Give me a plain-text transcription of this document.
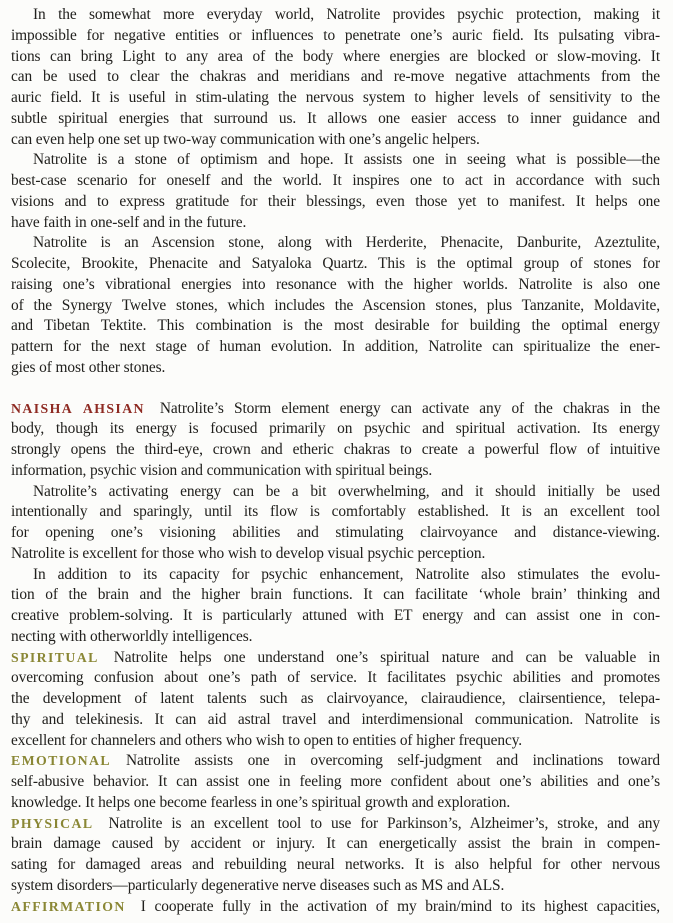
In the somewhat more everyday world, Natrolite provides psychic protection, making it
impossible for negative entities or influences to penetrate one’s auric field. Its pulsating vibra-
tions can bring Light to any area of the body where energies are blocked or slow-moving. It
can be used to clear the chakras and meridians and re-move negative attachments from the
auric field. It is useful in stim-ulating the nervous system to higher levels of sensitivity to the
subtle spiritual energies that surround us. It allows one easier access to inner guidance and
can even help one set up two-way communication with one’s angelic helpers.
Natrolite is a stone of optimism and hope. It assists one in seeing what is possible—the
best-case scenario for oneself and the world. It inspires one to act in accordance with such
visions and to express gratitude for their blessings, even those yet to manifest. It helps one
have faith in one-self and in the future.
Natrolite is an Ascension stone, along with Herderite, Phenacite, Danburite, Azeztulite,
Scolecite, Brookite, Phenacite and Satyaloka Quartz. This is the optimal group of stones for
raising one’s vibrational energies into resonance with the higher worlds. Natrolite is also one
of the Synergy Twelve stones, which includes the Ascension stones, plus Tanzanite, Moldavite,
and Tibetan Tektite. This combination is the most desirable for building the optimal energy
pattern for the next stage of human evolution. In addition, Natrolite can spiritualize the ener-
gies of most other stones.
NAISHA AHSIAN Natrolite’s Storm element energy can activate any of the chakras in the
body, though its energy is focused primarily on psychic and spiritual activation. Its energy
strongly opens the third-eye, crown and etheric chakras to create a powerful flow of intuitive
information, psychic vision and communication with spiritual beings.
Natrolite’s activating energy can be a bit overwhelming, and it should initially be used
intentionally and sparingly, until its flow is comfortably established. It is an excellent tool
for opening one’s visioning abilities and stimulating clairvoyance and distance-viewing.
Natrolite is excellent for those who wish to develop visual psychic perception.
In addition to its capacity for psychic enhancement, Natrolite also stimulates the evolu-
tion of the brain and the higher brain functions. It can facilitate ‘whole brain’ thinking and
creative problem-solving. It is particularly attuned with ET energy and can assist one in con-
necting with otherworldly intelligences.
SPIRITUAL Natrolite helps one understand one’s spiritual nature and can be valuable in
overcoming confusion about one’s path of service. It facilitates psychic abilities and promotes
the development of latent talents such as clairvoyance, clairaudience, clairsentience, telepa-
thy and telekinesis. It can aid astral travel and interdimensional communication. Natrolite is
excellent for channelers and others who wish to open to entities of higher frequency.
EMOTIONAL Natrolite assists one in overcoming self-judgment and inclinations toward
self-abusive behavior. It can assist one in feeling more confident about one’s abilities and one’s
knowledge. It helps one become fearless in one’s spiritual growth and exploration.
PHYSICAL Natrolite is an excellent tool to use for Parkinson’s, Alzheimer’s, stroke, and any
brain damage caused by accident or injury. It can energetically assist the brain in compen-
sating for damaged areas and rebuilding neural networks. It is also helpful for other nervous
system disorders—particularly degenerative nerve diseases such as MS and ALS.
AFFIRMATION I cooperate fully in the activation of my brain/mind to its highest capacities,
